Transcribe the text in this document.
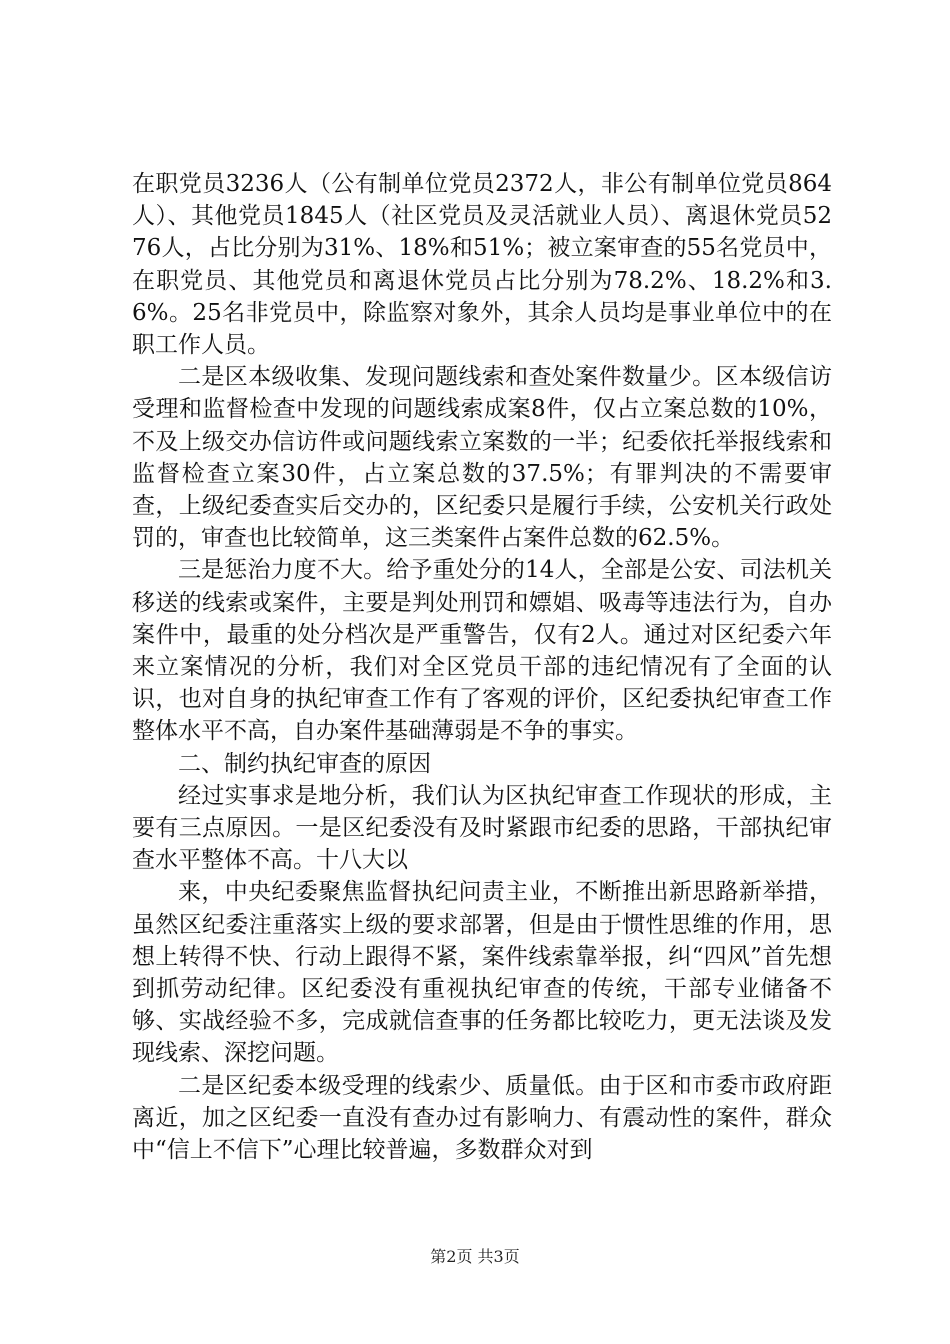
在职党员3236人（公有制单位党员2372人，非公有制单位党员864人）、其他党员1845人（社区党员及灵活就业人员）、离退休党员5276人，占比分别为31%、18%和51%；被立案审查的55名党员中，在职党员、其他党员和离退休党员占比分别为78.2%、18.2%和3.6%。25名非党员中，除监察对象外，其余人员均是事业单位中的在职工作人员。

二是区本级收集、发现问题线索和查处案件数量少。区本级信访受理和监督检查中发现的问题线索成案8件，仅占立案总数的10%，不及上级交办信访件或问题线索立案数的一半；纪委依托举报线索和监督检查立案30件，占立案总数的37.5%；有罪判决的不需要审查，上级纪委查实后交办的，区纪委只是履行手续，公安机关行政处罚的，审查也比较简单，这三类案件占案件总数的62.5%。

三是惩治力度不大。给予重处分的14人，全部是公安、司法机关移送的线索或案件，主要是判处刑罚和嫖娼、吸毒等违法行为，自办案件中，最重的处分档次是严重警告，仅有2人。通过对区纪委六年来立案情况的分析，我们对全区党员干部的违纪情况有了全面的认识，也对自身的执纪审查工作有了客观的评价，区纪委执纪审查工作整体水平不高，自办案件基础薄弱是不争的事实。

二、制约执纪审查的原因

经过实事求是地分析，我们认为区执纪审查工作现状的形成，主要有三点原因。一是区纪委没有及时紧跟市纪委的思路，干部执纪审查水平整体不高。十八大以

来，中央纪委聚焦监督执纪问责主业，不断推出新思路新举措，虽然区纪委注重落实上级的要求部署，但是由于惯性思维的作用，思想上转得不快、行动上跟得不紧，案件线索靠举报，纠“四风”首先想到抓劳动纪律。区纪委没有重视执纪审查的传统，干部专业储备不够、实战经验不多，完成就信查事的任务都比较吃力，更无法谈及发现线索、深挖问题。

二是区纪委本级受理的线索少、质量低。由于区和市委市政府距离近，加之区纪委一直没有查办过有影响力、有震动性的案件，群众中“信上不信下”心理比较普遍，多数群众对到

第2页 共3页
